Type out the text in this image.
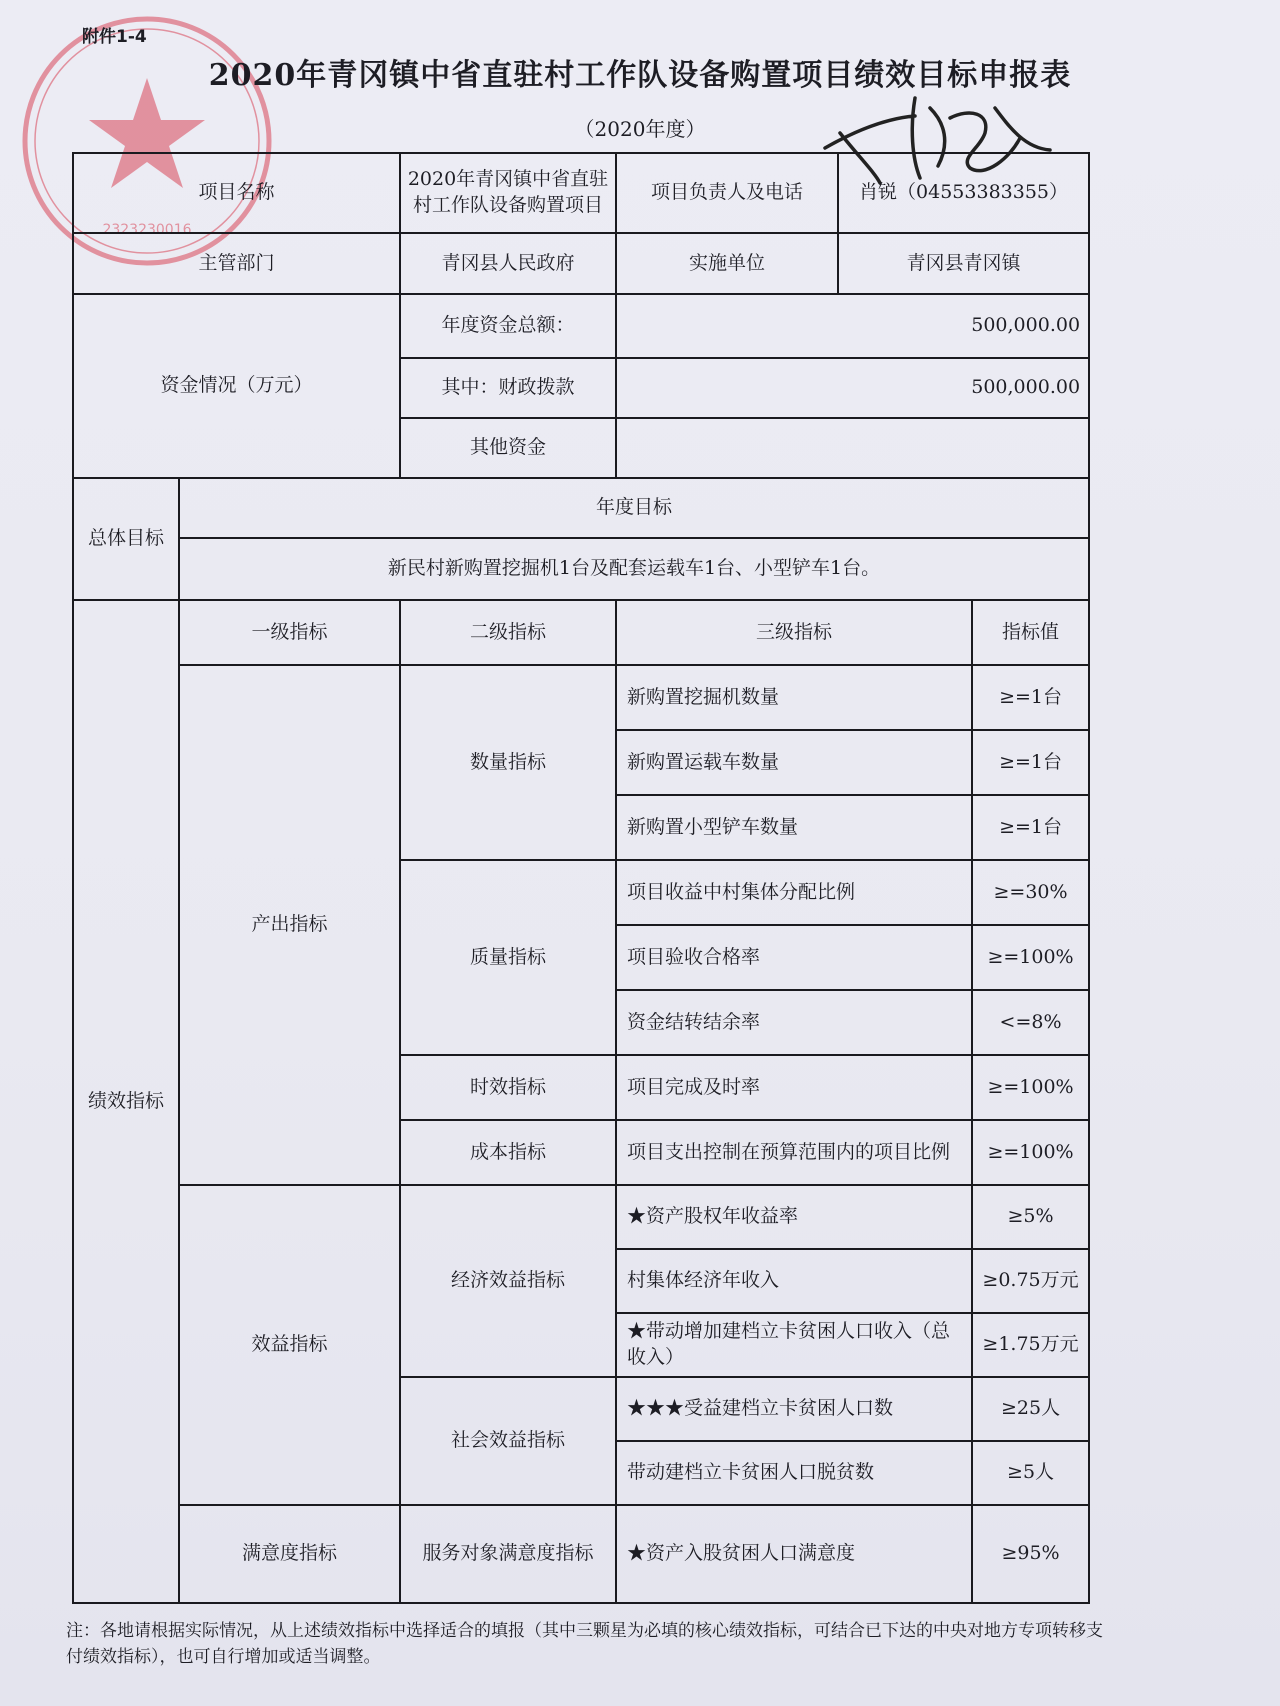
2323230016
附件1-4
2020年青冈镇中省直驻村工作队设备购置项目绩效目标申报表
（2020年度）
项目名称		2020年青冈镇中省直驻村工作队设备购置项目	项目负责人及电话	肖锐（04553383355）	
主管部门		青冈县人民政府	实施单位	青冈县青冈镇	
资金情况（万元）		年度资金总额：	500,000.00		
		其中：财政拨款	500,000.00		
		其他资金			
总体目标	年度目标				
	新民村新购置挖掘机1台及配套运载车1台、小型铲车1台。				
绩效指标	一级指标	二级指标	三级指标		指标值
	产出指标	数量指标	新购置挖掘机数量		≥=1台
			新购置运载车数量		≥=1台
			新购置小型铲车数量		≥=1台
		质量指标	项目收益中村集体分配比例		≥=30%
			项目验收合格率		≥=100%
			资金结转结余率		<=8%
		时效指标	项目完成及时率		≥=100%
		成本指标	项目支出控制在预算范围内的项目比例		≥=100%
	效益指标	经济效益指标	★资产股权年收益率		≥5%
			村集体经济年收入		≥0.75万元
			★带动增加建档立卡贫困人口收入（总收入）		≥1.75万元
		社会效益指标	★★★受益建档立卡贫困人口数		≥25人
			带动建档立卡贫困人口脱贫数		≥5人
	满意度指标	服务对象满意度指标	★资产入股贫困人口满意度		≥95%
注：各地请根据实际情况，从上述绩效指标中选择适合的填报（其中三颗星为必填的核心绩效指标，可结合已下达的中央对地方专项转移支付绩效指标），也可自行增加或适当调整。
